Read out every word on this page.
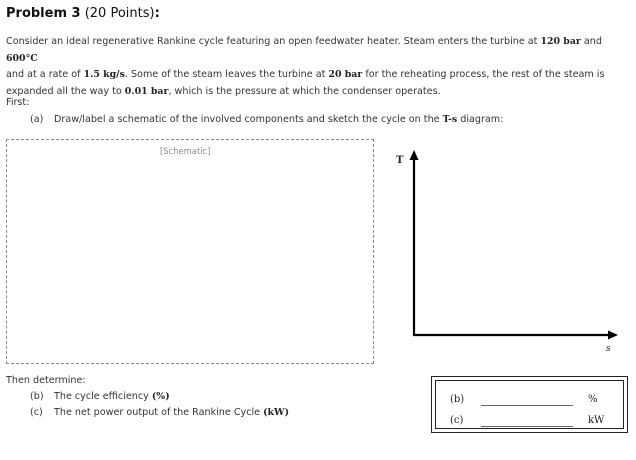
Problem 3 (20 Points):
Consider an ideal regenerative Rankine cycle featuring an open feedwater heater. Steam enters the turbine at 120 bar and 600°C
and at a rate of 1.5 kg/s. Some of the steam leaves the turbine at 20 bar for the reheating process, the rest of the steam is
expanded all the way to 0.01 bar, which is the pressure at which the condenser operates.
First:
(a) Draw/label a schematic of the involved components and sketch the cycle on the T-s diagram:
[Schematic]
T
s
Then determine:
(b) The cycle efficiency (%)
(c) The net power output of the Rankine Cycle (kW)
(b)	%
(c)	kW
